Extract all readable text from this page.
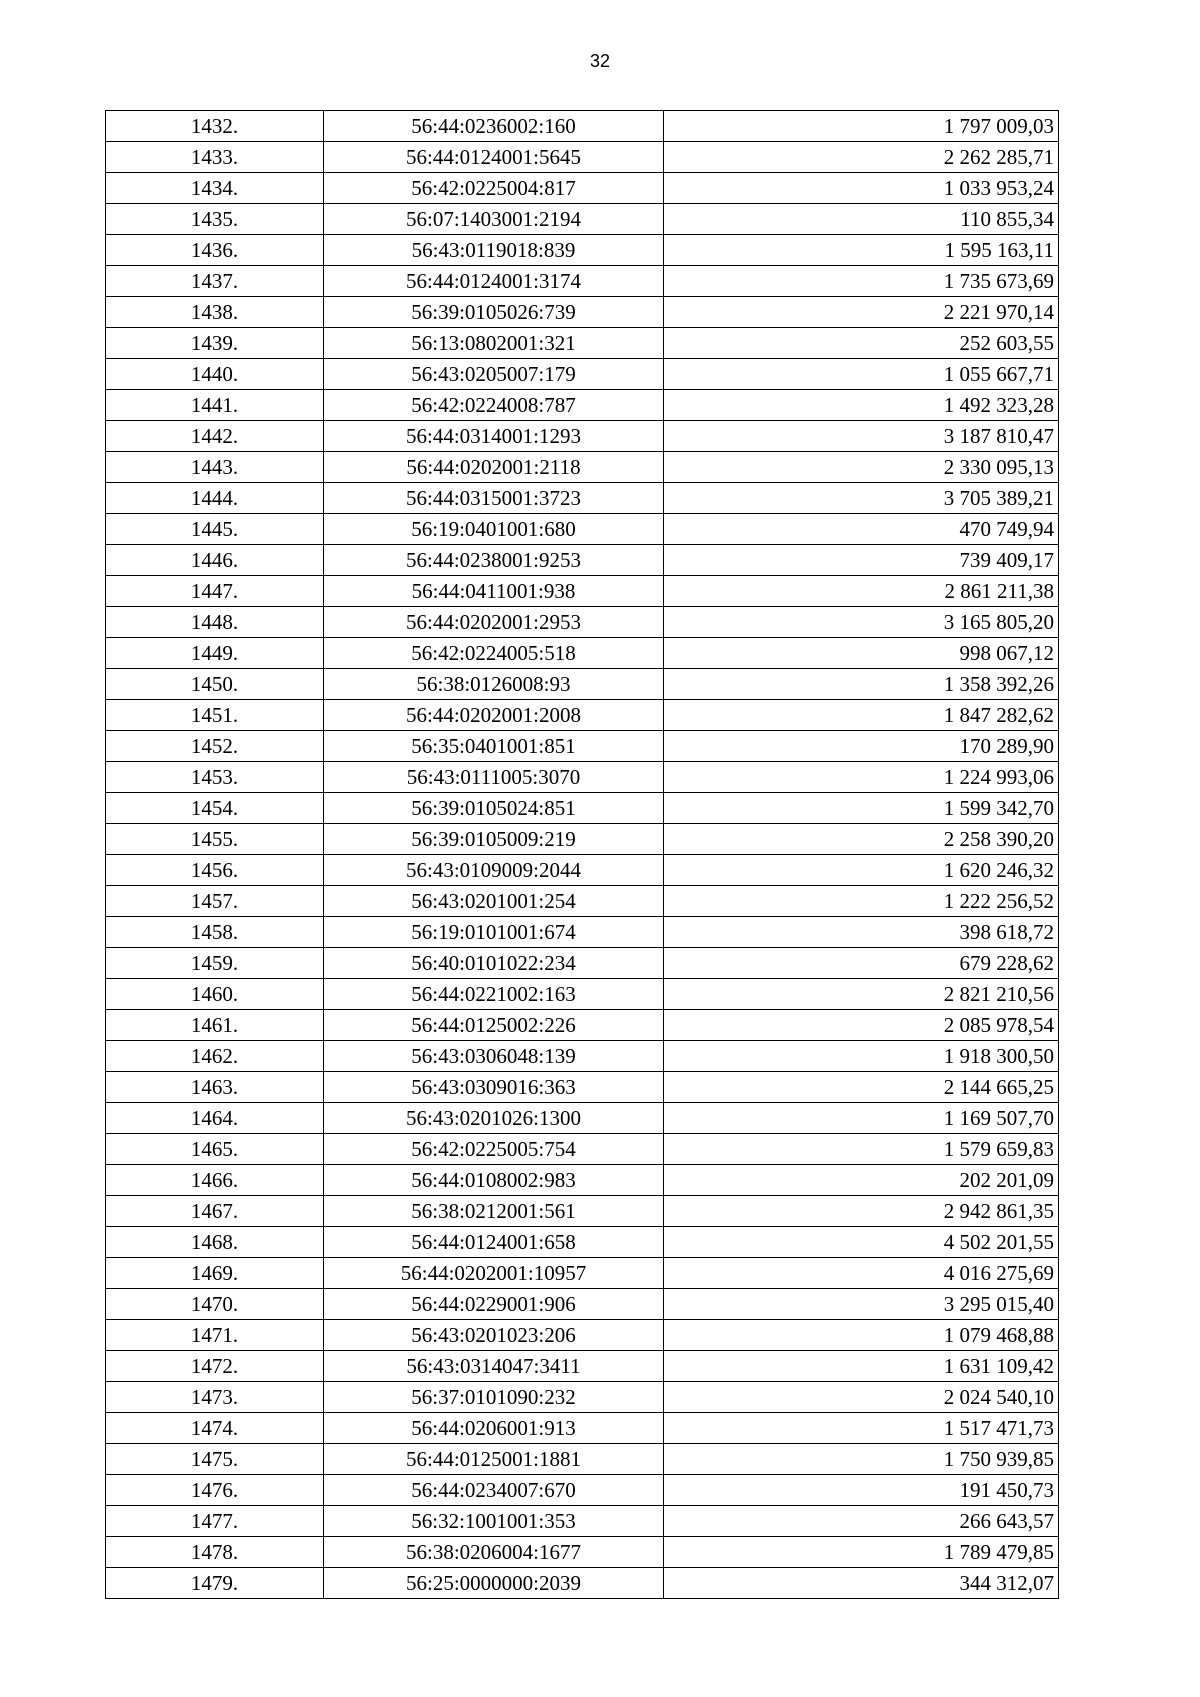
32
1432.	56:44:0236002:160	1 797 009,03
1433.	56:44:0124001:5645	2 262 285,71
1434.	56:42:0225004:817	1 033 953,24
1435.	56:07:1403001:2194	110 855,34
1436.	56:43:0119018:839	1 595 163,11
1437.	56:44:0124001:3174	1 735 673,69
1438.	56:39:0105026:739	2 221 970,14
1439.	56:13:0802001:321	252 603,55
1440.	56:43:0205007:179	1 055 667,71
1441.	56:42:0224008:787	1 492 323,28
1442.	56:44:0314001:1293	3 187 810,47
1443.	56:44:0202001:2118	2 330 095,13
1444.	56:44:0315001:3723	3 705 389,21
1445.	56:19:0401001:680	470 749,94
1446.	56:44:0238001:9253	739 409,17
1447.	56:44:0411001:938	2 861 211,38
1448.	56:44:0202001:2953	3 165 805,20
1449.	56:42:0224005:518	998 067,12
1450.	56:38:0126008:93	1 358 392,26
1451.	56:44:0202001:2008	1 847 282,62
1452.	56:35:0401001:851	170 289,90
1453.	56:43:0111005:3070	1 224 993,06
1454.	56:39:0105024:851	1 599 342,70
1455.	56:39:0105009:219	2 258 390,20
1456.	56:43:0109009:2044	1 620 246,32
1457.	56:43:0201001:254	1 222 256,52
1458.	56:19:0101001:674	398 618,72
1459.	56:40:0101022:234	679 228,62
1460.	56:44:0221002:163	2 821 210,56
1461.	56:44:0125002:226	2 085 978,54
1462.	56:43:0306048:139	1 918 300,50
1463.	56:43:0309016:363	2 144 665,25
1464.	56:43:0201026:1300	1 169 507,70
1465.	56:42:0225005:754	1 579 659,83
1466.	56:44:0108002:983	202 201,09
1467.	56:38:0212001:561	2 942 861,35
1468.	56:44:0124001:658	4 502 201,55
1469.	56:44:0202001:10957	4 016 275,69
1470.	56:44:0229001:906	3 295 015,40
1471.	56:43:0201023:206	1 079 468,88
1472.	56:43:0314047:3411	1 631 109,42
1473.	56:37:0101090:232	2 024 540,10
1474.	56:44:0206001:913	1 517 471,73
1475.	56:44:0125001:1881	1 750 939,85
1476.	56:44:0234007:670	191 450,73
1477.	56:32:1001001:353	266 643,57
1478.	56:38:0206004:1677	1 789 479,85
1479.	56:25:0000000:2039	344 312,07
